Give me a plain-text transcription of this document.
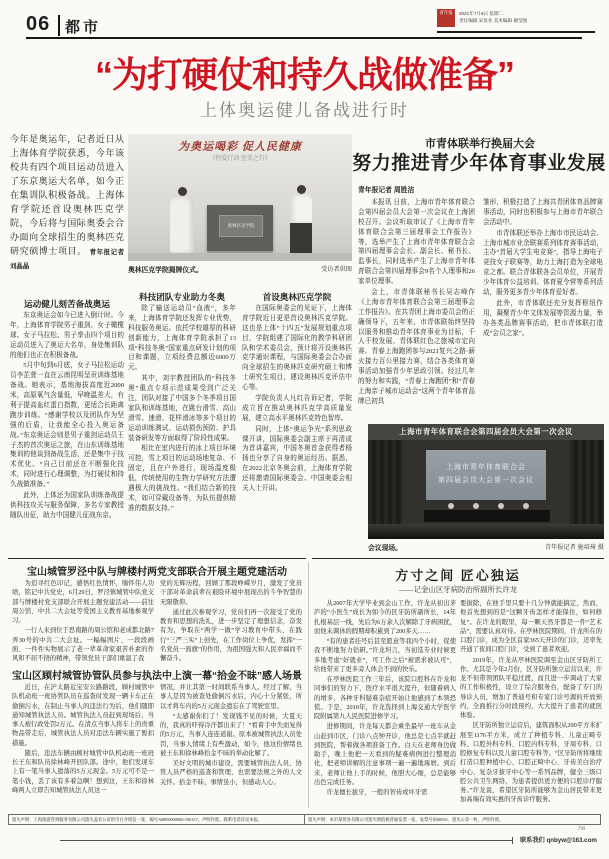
06 都市
青年报	2021年7月6日 星期二
责任编辑 宋显业 美术编辑 谢莹强
“为打硬仗和持久战做准备”
上体奥运健儿备战进行时
今年是奥运年，记者近日从上海体育学院获悉，今年该校共有四个项目运动员进入了东京奥运大名单，如今正在集训队积极备战。上海体育学院还首设奥林匹克学院，今后将与国际奥委会合办面向全球招生的奥林匹克研究硕博士项目。 青年报记者 刘晶晶
为奥运喝彩 促人民健康
《恒爱行动 至美之行》
奥林匹克学院
奥林匹克学院揭牌仪式。	受访者供图
运动健儿刻苦备战奥运

东京奥运会如今已进入倒计时。今年，上海体育学院男子重剑、女子橄榄球、女子马拉松、男子拳击四个项目的运动员进入了奥运大名单，身处集训队的他们也正在积极备战。

5月中旬到6月底，女子马拉松运动员李芷萱一直在云南昆明呈贡训练基地备战。她表示，基地海拔高度近2000米，高原氧气含量低，早晚温差大，有利于提高血红蛋白指数，更适合长距离跑步训练。“感谢学校以及团队作为坚强的后盾，让我能全心投入奥运备战。”东京奥运会则是男子重剑运动员王子杰的首次奥运之旅，在山东训练基地集训的他谈到备战生活，还是集中于技术优化。“自己目前还在不断强化技术，同时进行心理调整，为打硬仗和持久战做准备。”

此外，上体还为国家队训练备战提供科技攻关与服务保障，多名专家教授随队出征，助力中国健儿征战东京。

科技团队专业助力冬奥

除了输送运动员“血液”，多年来，上海体育学院还发挥专业优势，科技服务奥运。依托学校雄厚的科研创新能力，上海体育学院承担了13项“科技冬奥”国家重点研发计划的项目和课题，立项经费总额近6000万元。

其中，刘宇教授团队的“科技冬奥”重点专项示范成果受到广泛关注，团队对接了中国多个冬季项目国家队和训练基地，在跳台滑雪、高山滑雪、速滑、花样滑冰等多个项目的运动训练测试、运动损伤预防、护具装备研发等方面取得了阶段性成果。

相比在室内进行的冰上项目环境可控，雪上项目的运动场地复杂、不固定，且在户外进行，现场温度极低，传统使用的生物力学研究方法遭遇极大的挑战性。“我们结合新的技术，如可穿戴设备等，为队伍提供精准的数据支持。”

首设奥林匹克学院

在国际奥委会的见证下，上海体育学院近日更是首设奥林匹克学院。这也是上体“十四五”发展规划重点项目，学院组建了国际化的教学科研团队和学术委员会，预计将开设奥林匹克学通识课程，与国际奥委会合办面向全球招生的奥林匹克研究硕士和博士研究生项目，建设奥林匹克评估中心等。

学院负责人凡红告诉记者，学院成立旨在推动奥林匹克学高质量发展，建立高水平奥林匹克特色智库。

同时，上体“奥运争光”系列思政课开讲，国际奥委会副主席于再清成为首讲嘉宾，中国冬奥首金获得者杨扬也分享了自身的奥运经历。据悉，在2022北京冬奥会前，上海体育学院还将邀请国际奥委会、中国奥委会相关人士开讲。

市青体联举行换届大会
努力推进青少年体育事业发展
青年报记者 周胜洁

本报讯 日前，上海市青年体育联合会第四届会员大会第一次会议在上海团校召开。会议听取审议了《上海市青年体育联合会第三届理事会工作报告》等，选举产生了上海市青年体育联合会第四届理事会会长、副会长、秘书长、监事长，同时选举产生了上海市青年体育联合会第四届理事会9名个人理事和26家单位理事。

会上，市青体联秘书长吴志峰作《上海市青年体育联合会第三届理事会工作报告》。在共青团上海市委员会的正确领导下，五年来，市青体联始终坚持以服务和推动青年体育事业为目标，千人千校发展、青体联红色之旅城市定向赛、青春上海跑团参与2021复兴之路·薪火接力百公里接力赛，结合各类体育赛事活动加强青少年思政引领。经过几年的努力和实践，“青春上海跑团”和“青春上海亲子城市运动会”这两个青年体育品牌已初具

雏形，积极打造了上海共青团体育品牌赛事活动，同时也积极参与上海市青年联合会活动中。

市青体联还举办上海市市民运动会、上海市城市业余联赛系列体育赛事活动，主办“首届大学生电竞赛”，指导上海电子竞技女子联赛等，助力上海打造为全球电竞之都。联合青体联各会员单位，开展青少年体育公益培训、体育夏令营等系列活动，服务更多青少年体育爱好者。

此外，市青体联还充分发挥枢纽作用，凝聚青少年文体发展等资源力量，举办各类品牌赛事活动，把市青体联打造成“会员之家”。

上海市青年体育联合会第四届会员大会第一次会议
上海市青年体育联合会
第四届会员大会第一次会议
会议现场。	青年报记者 施培琦 摄
宝山城管罗泾中队与牌楼村两党支部联合开展主题党建活动

为追寻红色印记，感悟红色情怀，缅怀伟人功绩，铭记中共党史，6月29日，罗泾镇城管中队党支部与牌楼村党支部联合开展主题党建活动——前往周公馆、中共二大会址等爱国主义教育基地参观学习。

一行人来到位于思南路的周公馆和老成都北路7弄30号的中共二大会址。一幅幅图片、一段段画面、一件件实物展示了老一辈革命家艰苦朴素的作风和不屈不挠的精神，带领党员干部们重温了我

党的光辉历程，回顾了那段峥嵘岁月，激发了党员干部对革命前辈在艰险环境中展现出的斗争智慧的无限敬仰。

通过此次参观学习，党员们再一次接受了党的教育和思想的洗礼，进一步坚定了理想信念，奋发有为，争取在“两学一做”学习教育中带头，在践行“三严三实”上创先，在工作岗位上争优，发挥“一名党员一面旗”的作用，为祖国强大和人民幸福而不懈奋斗。

宝山区顾村城管协管队员参与执法中上演一幕“拾金不昧”感人场景

近日，在沪太路近宝安公路路段，顾村城管中队机动班一班协管队员在巡查时发现一辆卡车正在偷倒污水，在制止当事人的违法行为后，他们随即通知城管执法人员。城管执法人员赶到现场后，当事人被行政处罚2万元。在清点当事人将车上的贵重物品带走后，城管执法人员对违法车辆实施了暂扣措施。

随后，违法车辆由顾村城管中队机动班一班班长王东和队员徐林峰开回队部。途中，他们发现车上有一笔当事人遗落的5万元现金。5万元可不是一笔小钱，丢了该有多着急啊！想到这，王东和徐林峰两人立即告知城管执法人员这一

情况，并让其第一时间联系当事人。经过了解，当事人是因为被查处偷倒污水后，内心十分紧张，所以才将车内的5万元现金遗忘在了驾驶室里。

“太感谢你们了！发现钱不见的时候，大夏天的，我真的吓得冷汗都出来了！”看着手中失而复得的5万元，当事人连连道谢。原本被城管执法人员处罚，当事人情绪上有些激动，如今，他这份情绪也被王东和徐林峰拾金不昧的举动化解了。

美好文明的城市建设，需要城管执法人员、协管人员严格的巡查和管理，也需要法规之外的人文关怀。拾金不昧，事情虽小，但感动人心。

方寸之间 匠心独运
——记金山区牙病防治所副所长许龙

从2007年大学毕业到金山工作，许龙从初出茅庐的“小医生”成长为如今的区牙防所副所长，14年扎根基层一线，先后为6万余人次解除了牙病困扰，而他未调休的假期却积累到了200多天……

“有的患者挂号后甚至愿意等我四个小时，促使我不断地努力钻研。”许龙坦言，当初选专业时候更多地考虑“好就业”，可工作之后“被需求被认可”，给他带来了更多旁人体会不到的快乐。

在亭林医院工作三年后，该院口腔科在许龙和同事们的努力下，医疗水平很大提升，但随着病人的增多，各种牙科疑难杂症开始让他感到了本领恐慌。于是，2010年，许龙选择到上海交通大学医学院附属第九人民医院进修学习。

进修期间，许龙每天都会乘坐最早一班车从金山赶到市区，门诊八点钟开诊，他总是七点半就赶到医院，帮着做各项准备工作。白天在老师身边做助手，晚上他把一天看到的疑难病例进行整理消化，把老师讲解的注意事项一遍一遍地琢磨。到后来，老师让他上手的时候，他胆大心细，总是能够出色完成任务。

许龙擅长拔牙，一般的智齿或坏牙需

要拔除，在他手里只要十几分钟就能搞定，然而，他首先想到的是“这颗牙齿怎样才能保住，如何修复”。在许龙的眼里，每一颗天然牙都是一件“艺术品”，需要认真对待。在亭林医院期间，许龙所在的口腔门诊，成为全区首家365天开诊的门诊，还率先开通了夜间口腔门诊，受到了患者欢迎。

2019年，许龙从亭林医院调至金山区牙防所工作。尤其是今年2月份，区牙防所独立运营以来，许龙不但带领团队平稳过渡，而且进一步调动了大家的工作积极性，设立了综合服务台，配备了专门的导诊人员，增加了普通号和专家门诊号源的开放预约，全面推行分时段预约，大大提升了患者的就医体验。

区牙防所独立运营后，建筑面积从200平方米扩展至1176平方米，成立了种植专科、儿童正畸专科、口腔外科专科、口腔内科专科、牙周专科、口腔修复专科以及儿童口腔专科等。“区牙防所将继续打造口腔种植中心、口腔正畸中心、牙齿美白治疗中心、复杂牙拔牙中心等一系列品牌，健全三级口腔公共卫生网络，为患者提供更方便的口腔诊疗服务。”许龙说，希望区牙防所能够为金山居民带来更加高端有效实惠的牙齿诊疗服务。

遗失声明：上海旅游咨询服务有限公司遗失盖有公章的空白介绍信一张，编号AB000000000-100157，声明作废。联系电话详见本报。	遗失声明：本市某贸易有限公司遗失增值税普通发票一张，发票号码00035，遗失公章一枚，声明作废。
7/6
联系我们 qnbyw@163.com
